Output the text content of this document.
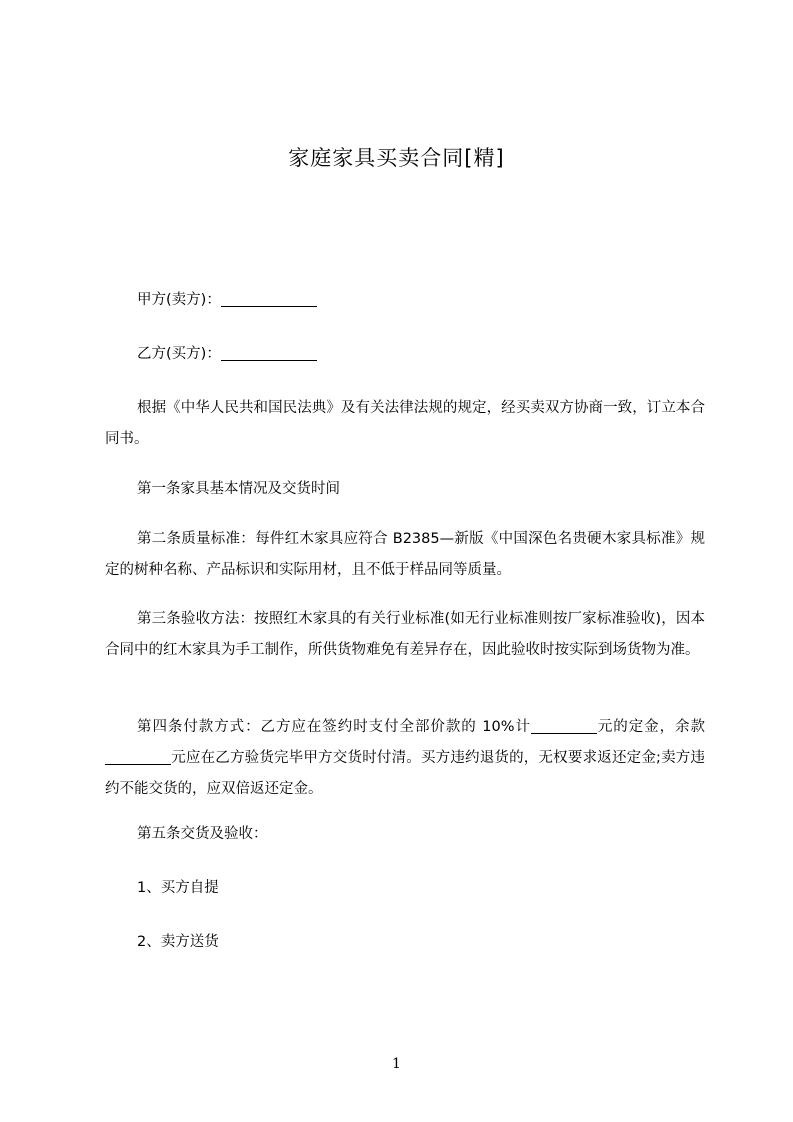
家庭家具买卖合同[精]
甲方(卖方)：
乙方(买方)：
根据《中华人民共和国民法典》及有关法律法规的规定，经买卖双方协商一致，订立本合同书。
第一条家具基本情况及交货时间
第二条质量标准：每件红木家具应符合 B2385—新版《中国深色名贵硬木家具标准》规定的树种名称、产品标识和实际用材，且不低于样品同等质量。
第三条验收方法：按照红木家具的有关行业标准(如无行业标准则按厂家标准验收)，因本合同中的红木家具为手工制作，所供货物难免有差异存在，因此验收时按实际到场货物为准。
第四条付款方式：乙方应在签约时支付全部价款的 10%计	元的定金，余款元应在乙方验货完毕甲方交货时付清。买方违约退货的，无权要求返还定金;卖方违约不能交货的，应双倍返还定金。
第五条交货及验收：
1、买方自提
2、卖方送货
1
